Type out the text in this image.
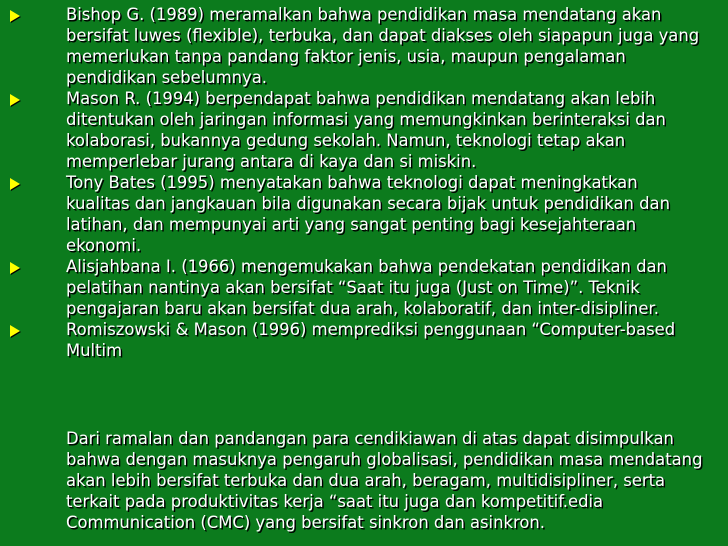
Bishop G. (1989) meramalkan bahwa pendidikan masa mendatang akan bersifat luwes (flexible), terbuka, dan dapat diakses oleh siapapun juga yang memerlukan tanpa pandang faktor jenis, usia, maupun pengalaman pendidikan sebelumnya.
Mason R. (1994) berpendapat bahwa pendidikan mendatang akan lebih ditentukan oleh jaringan informasi yang memungkinkan berinteraksi dan kolaborasi, bukannya gedung sekolah. Namun, teknologi tetap akan memperlebar jurang antara di kaya dan si miskin.
Tony Bates (1995) menyatakan bahwa teknologi dapat meningkatkan kualitas dan jangkauan bila digunakan secara bijak untuk pendidikan dan latihan, dan mempunyai arti yang sangat penting bagi kesejahteraan ekonomi.
Alisjahbana I. (1966) mengemukakan bahwa pendekatan pendidikan dan pelatihan nantinya akan bersifat “Saat itu juga (Just on Time)”. Teknik pengajaran baru akan bersifat dua arah, kolaboratif, dan inter-disipliner.
Romiszowski & Mason (1996) memprediksi penggunaan “Computer-based Multim
Dari ramalan dan pandangan para cendikiawan di atas dapat disimpulkan bahwa dengan masuknya pengaruh globalisasi, pendidikan masa mendatang akan lebih bersifat terbuka dan dua arah, beragam, multidisipliner, serta terkait pada produktivitas kerja “saat itu juga dan kompetitif.edia Communication (CMC) yang bersifat sinkron dan asinkron.
